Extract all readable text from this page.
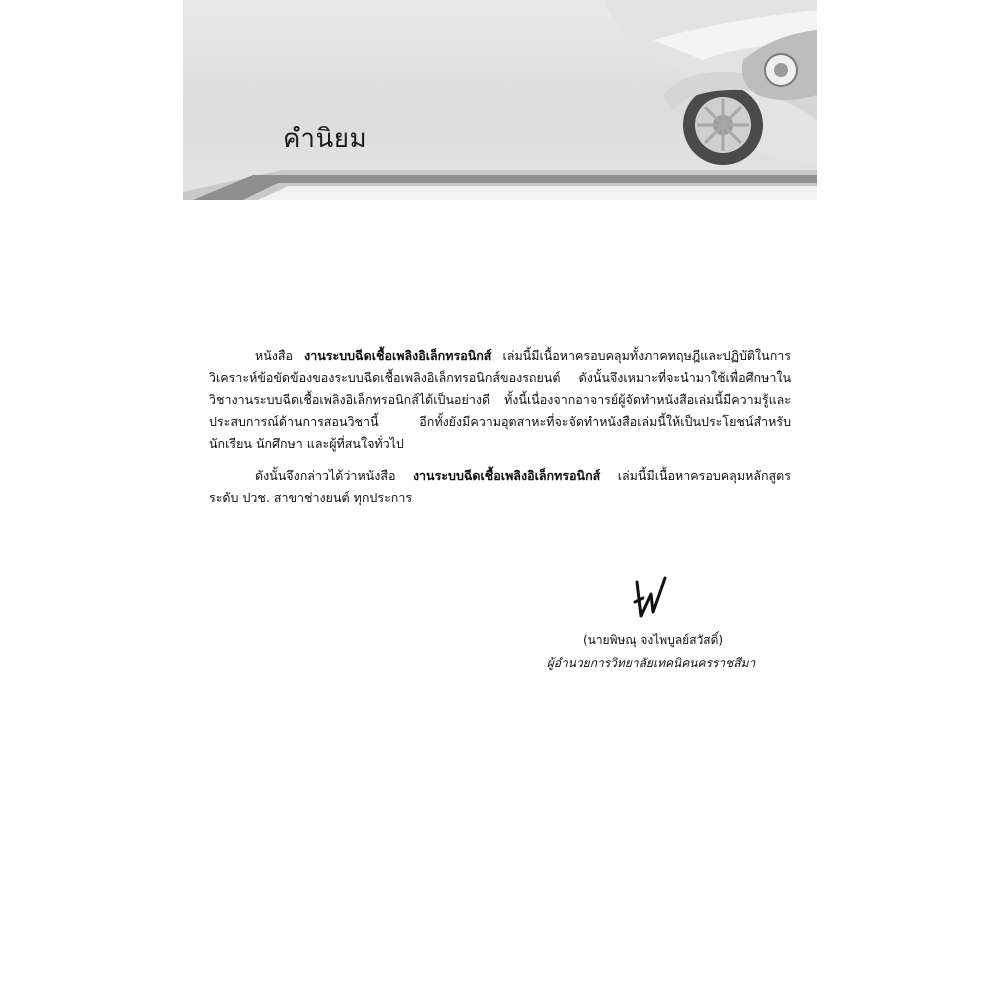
คำนิยม

หนังสือ งานระบบฉีดเชื้อเพลิงอิเล็กทรอนิกส์ เล่มนี้มีเนื้อหาครอบคลุมทั้งภาคทฤษฎีและปฏิบัติในการวิเคราะห์ข้อขัดข้องของระบบฉีดเชื้อเพลิงอิเล็กทรอนิกส์ของรถยนต์ ดังนั้นจึงเหมาะที่จะนำมาใช้เพื่อศึกษาในวิชางานระบบฉีดเชื้อเพลิงอิเล็กทรอนิกส์ได้เป็นอย่างดี ทั้งนี้เนื่องจากอาจารย์ผู้จัดทำหนังสือเล่มนี้มีความรู้และประสบการณ์ด้านการสอนวิชานี้ อีกทั้งยังมีความอุตสาหะที่จะจัดทำหนังสือเล่มนี้ให้เป็นประโยชน์สำหรับนักเรียน นักศึกษา และผู้ที่สนใจทั่วไป

ดังนั้นจึงกล่าวได้ว่าหนังสือ งานระบบฉีดเชื้อเพลิงอิเล็กทรอนิกส์ เล่มนี้มีเนื้อหาครอบคลุมหลักสูตรระดับ ปวช. สาขาช่างยนต์ ทุกประการ

(นายพิษณุ จงไพบูลย์สวัสดิ์)
ผู้อำนวยการวิทยาลัยเทคนิคนครราชสีมา
